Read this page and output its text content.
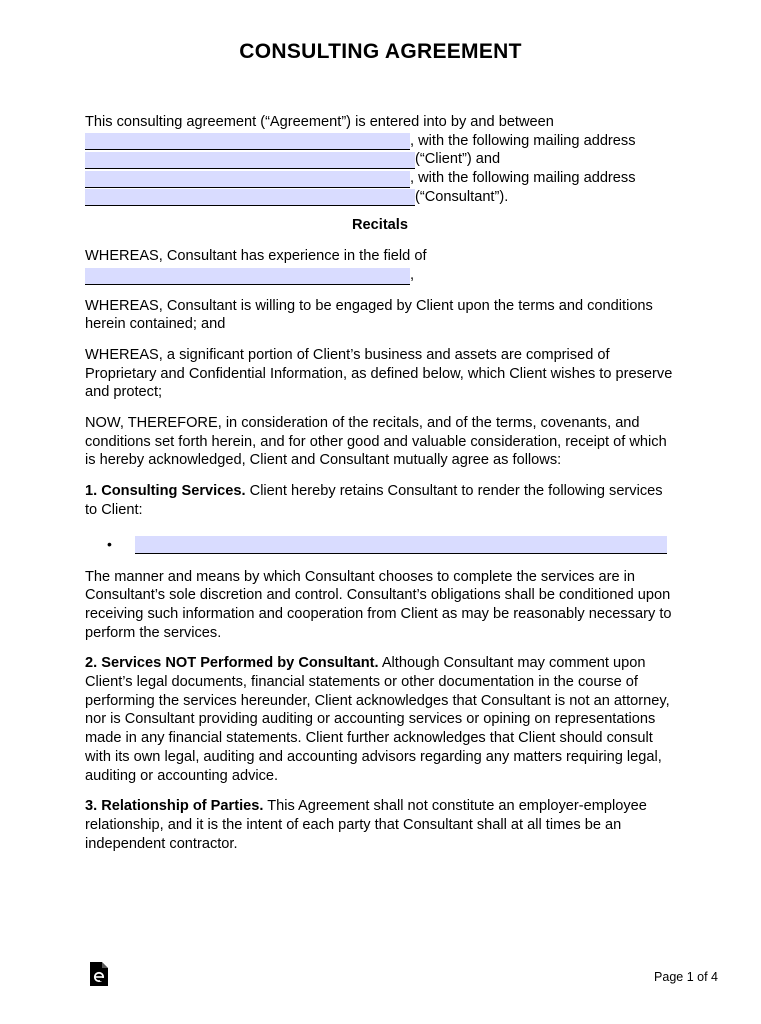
CONSULTING AGREEMENT
This consulting agreement (“Agreement”) is entered into by and between
, with the following mailing address
(“Client”) and
, with the following mailing address
(“Consultant”).
Recitals
WHEREAS, Consultant has experience in the field of
,

WHEREAS, Consultant is willing to be engaged by Client upon the terms and conditions herein contained; and

WHEREAS, a significant portion of Client’s business and assets are comprised of Proprietary and Confidential Information, as defined below, which Client wishes to preserve and protect;

NOW, THEREFORE, in consideration of the recitals, and of the terms, covenants, and conditions set forth herein, and for other good and valuable consideration, receipt of which is hereby acknowledged, Client and Consultant mutually agree as follows:

1. Consulting Services. Client hereby retains Consultant to render the following services to Client:

•

The manner and means by which Consultant chooses to complete the services are in Consultant’s sole discretion and control. Consultant’s obligations shall be conditioned upon receiving such information and cooperation from Client as may be reasonably necessary to perform the services.

2. Services NOT Performed by Consultant. Although Consultant may comment upon Client’s legal documents, financial statements or other documentation in the course of performing the services hereunder, Client acknowledges that Consultant is not an attorney, nor is Consultant providing auditing or accounting services or opining on representations made in any financial statements. Client further acknowledges that Client should consult with its own legal, auditing and accounting advisors regarding any matters requiring legal, auditing or accounting advice.

3. Relationship of Parties. This Agreement shall not constitute an employer-employee relationship, and it is the intent of each party that Consultant shall at all times be an independent contractor.

Page 1 of 4
